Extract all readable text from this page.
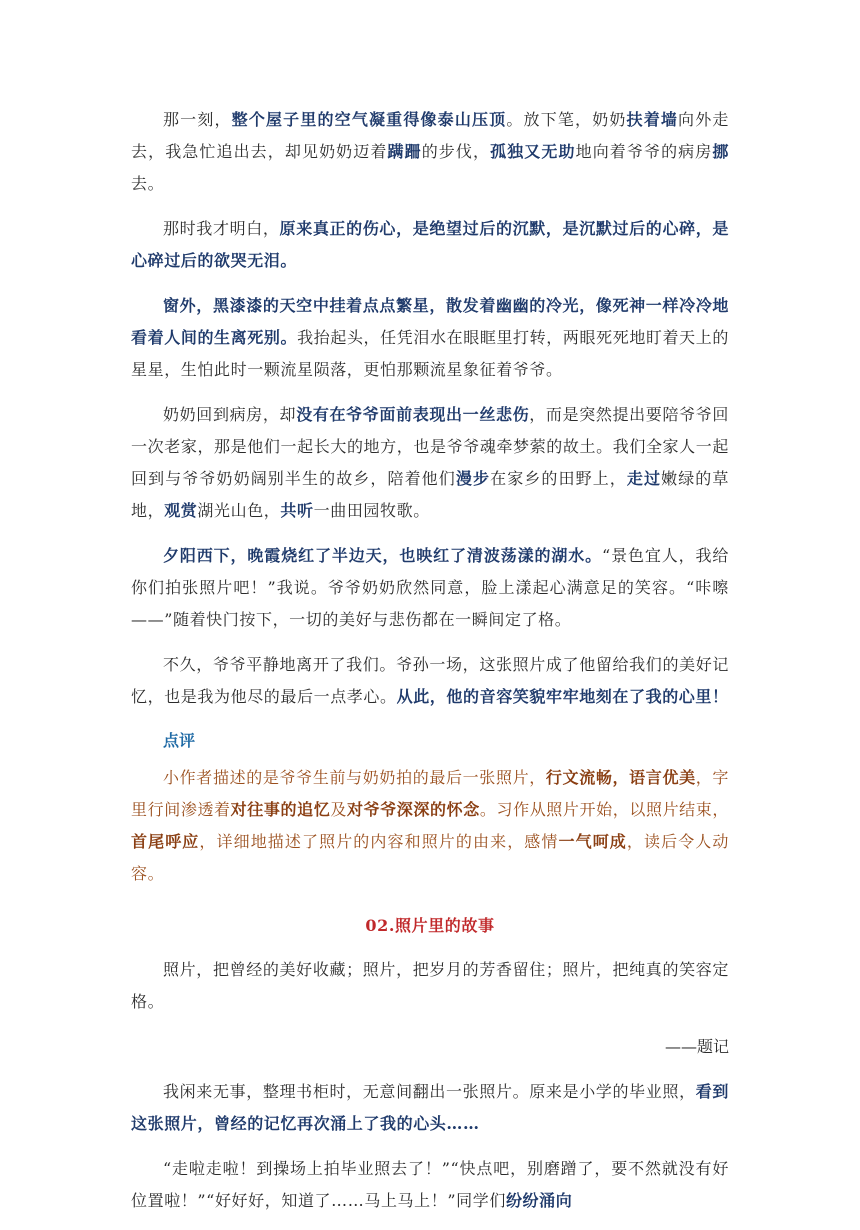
那一刻，整个屋子里的空气凝重得像泰山压顶。放下笔，奶奶扶着墙向外走去，我急忙追出去，却见奶奶迈着蹒跚的步伐，孤独又无助地向着爷爷的病房挪去。

那时我才明白，原来真正的伤心，是绝望过后的沉默，是沉默过后的心碎，是心碎过后的欲哭无泪。

窗外，黑漆漆的天空中挂着点点繁星，散发着幽幽的冷光，像死神一样冷冷地看着人间的生离死别。我抬起头，任凭泪水在眼眶里打转，两眼死死地盯着天上的星星，生怕此时一颗流星陨落，更怕那颗流星象征着爷爷。

奶奶回到病房，却没有在爷爷面前表现出一丝悲伤，而是突然提出要陪爷爷回一次老家，那是他们一起长大的地方，也是爷爷魂牵梦萦的故土。我们全家人一起回到与爷爷奶奶阔别半生的故乡，陪着他们漫步在家乡的田野上，走过嫩绿的草地，观赏湖光山色，共听一曲田园牧歌。

夕阳西下，晚霞烧红了半边天，也映红了清波荡漾的湖水。“景色宜人，我给你们拍张照片吧！”我说。爷爷奶奶欣然同意，脸上漾起心满意足的笑容。“咔嚓——”随着快门按下，一切的美好与悲伤都在一瞬间定了格。

不久，爷爷平静地离开了我们。爷孙一场，这张照片成了他留给我们的美好记忆，也是我为他尽的最后一点孝心。从此，他的音容笑貌牢牢地刻在了我的心里！

点评

小作者描述的是爷爷生前与奶奶拍的最后一张照片，行文流畅，语言优美，字里行间渗透着对往事的追忆及对爷爷深深的怀念。习作从照片开始，以照片结束，首尾呼应，详细地描述了照片的内容和照片的由来，感情一气呵成，读后令人动容。

02.照片里的故事

照片，把曾经的美好收藏；照片，把岁月的芳香留住；照片，把纯真的笑容定格。

——题记

我闲来无事，整理书柜时，无意间翻出一张照片。原来是小学的毕业照，看到这张照片，曾经的记忆再次涌上了我的心头……

“走啦走啦！到操场上拍毕业照去了！”“快点吧，别磨蹭了，要不然就没有好位置啦！”“好好好，知道了……马上马上！”同学们纷纷涌向
